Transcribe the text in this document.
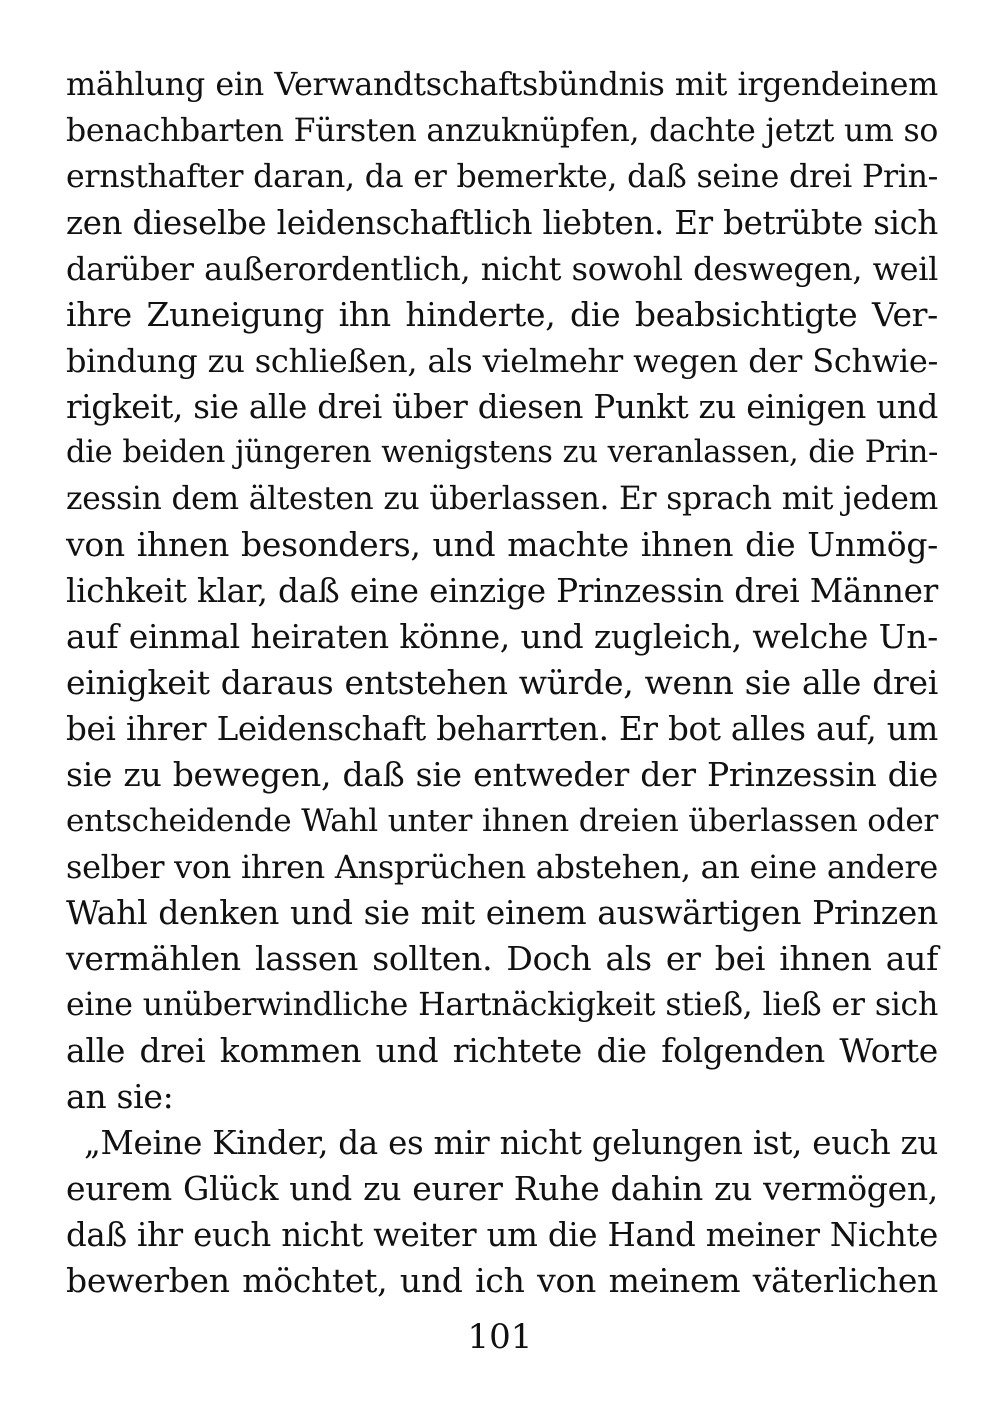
mählung ein Verwandtschaftsbündnis mit irgendeinem
benachbarten Fürsten anzuknüpfen, dachte jetzt um so
ernsthafter daran, da er bemerkte, daß seine drei Prin-
zen dieselbe leidenschaftlich liebten. Er betrübte sich
darüber außerordentlich, nicht sowohl deswegen, weil
ihre Zuneigung ihn hinderte, die beabsichtigte Ver-
bindung zu schließen, als vielmehr wegen der Schwie-
rigkeit, sie alle drei über diesen Punkt zu einigen und
die beiden jüngeren wenigstens zu veranlassen, die Prin-
zessin dem ältesten zu überlassen. Er sprach mit jedem
von ihnen besonders, und machte ihnen die Unmög-
lichkeit klar, daß eine einzige Prinzessin drei Männer
auf einmal heiraten könne, und zugleich, welche Un-
einigkeit daraus entstehen würde, wenn sie alle drei
bei ihrer Leidenschaft beharrten. Er bot alles auf, um
sie zu bewegen, daß sie entweder der Prinzessin die
entscheidende Wahl unter ihnen dreien überlassen oder
selber von ihren Ansprüchen abstehen, an eine andere
Wahl denken und sie mit einem auswärtigen Prinzen
vermählen lassen sollten. Doch als er bei ihnen auf
eine unüberwindliche Hartnäckigkeit stieß, ließ er sich
alle drei kommen und richtete die folgenden Worte
an sie:
„Meine Kinder, da es mir nicht gelungen ist, euch zu
eurem Glück und zu eurer Ruhe dahin zu vermögen,
daß ihr euch nicht weiter um die Hand meiner Nichte
bewerben möchtet, und ich von meinem väterlichen
101
